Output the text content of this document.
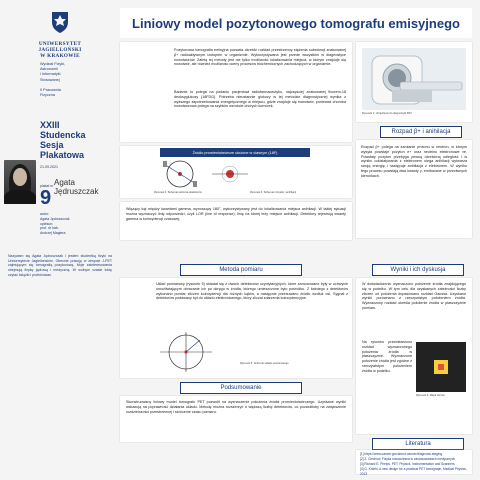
UNIWERSYTET
JAGIELLOŃSKI
W KRAKOWIE
Wydział Fizyki,
Astronomii
i Informatyki
Stosowanej
II Pracownia
Fizyczna
XXIII
Studencka
Sesja
Plakatowa
21.09.2021
Agata
Jędruszczak
plakat nr
9
autor:
Agata Jędruszczak
opiekun:
prof. dr hab.
Andrzej Magiera
Nazywam się Agata Jędruszczak i jestem studentką fizyki na Uniwersytecie Jagiellońskim. Obecnie pracuję w zespole J-PET zajmującym się tomografią pozytonową. Moje zainteresowania obejmują fizykę jądrową i medyczną. W wolnym czasie lubię czytać książki i podróżować.
Liniowy model pozytonowego tomografu emisyjnego
Pozytonowa tomografia emisyjna pozwala określić rozkład przestrzenny stężenia substancji znakowanej β+ radioaktywnym izotopem w organizmie. Wykorzystywana jest przede wszystkim w diagnostyce nowotworów. Zaletą tej metody jest nie tylko możliwość lokalizowania miejsca, w którym znajduje się nowotwór, ale również możliwość oceny procesów biochemicznych zachodzących w organizmie.
Badanie to polega na podaniu pacjentowi radiofarmaceutyku, najczęściej znakowanej fluorem-18 deoksyglukozy (18FDG). Potrzeba nieustannie glukozy w tej metodzie diagnostycznej wynika z wyższego zapotrzebowania energetycznego w miejscu, gdzie znajduje się nowotwór, ponieważ choroba nowotworowa polega na szybkim wzroście chorych komórek.
Rysunek 1: Urządzenie do diagnostyki PET
Rozpad β+ i anihilacja
Rozpad β+ polega na zamianie protonu w neutron, w którym wysyła powstaje pozyton e+ oraz neutrino elektronowe νe. Powstały pozyton przebyga pewną określoną odległość i w wyniku oddziaływania z elektronem ulega anihilacji wytwarza swoją energię i następuje anihilacja z elektronem. W wyniku tego procesu powstają dwa kwanty γ, emitowane w przeciwnych kierunkach.
Źródło promieniotwórcze ułożone w ciasnym (18F)
Rysunek 2: Schemat ułożenia detektorów	Rysunek 3: Schemat rozpadu i anihilacji
Wiązący kąt między kwantami gamma, wynoszący 180°, wykorzystywany jest do lokalizowania miejsca anihilacji. W takiej sytuacji można wyznaczyć linię odpowiedzi, czyli LOR (line of response), linię na której leży miejsce anihilacji. Detektory rejestrują kwanty gamma w koincydencji czasowej.
Metoda pomiaru
Układ pomiarowy (rysunek 5) składał się z dwóch detektorów scyntylacyjnych, które zamocowane były w uchwycie umożliwiającym obracanie ich po okręgu w źródła, którego umieszczone było pośrodku. Z każdego z detektorów wykonano pomiar zliczeń koincydencji dla różnych kątów, a następnie przesuwano źródło wzdłuż osi. Sygnał z detektorów podawany był do układu elektronicznego, który zliczał zdarzenia koincydencyjne.
Rysunek 5: Schemat układu pomiarowego
Wyniki i ich dyskusja
W doświadczeniu wyznaczono położenie źródła znajdującego się w pudełku. W tym celu dla uzyskanych zależności liczby zliczeń od położenia dopasowano rozkład Gaussa. Uzyskane wyniki porównano z rzeczywistym położeniem źródła. Wyznaczony rozkład określa położenie źródła w płaszczyźnie pomiaru.
Na rysunku przedstawiono rozkład wyznaczonego położenia źródła w płaszczyźnie. Wyznaczone położenie źródła jest zgodne z rzeczywistym położeniem źródła w pudełku.
Rysunek 6: Mapa zliczeń
Podsumowanie
Skonstruowany liniowy model tomografu PET pozwolił na wyznaczenie położenia źródła promieniotwórczego. Uzyskane wyniki wskazują na poprawność działania układu. Metodę można rozszerzyć o większą liczbę detektorów, co pozwoliłoby na zwiększenie rozdzielczości przestrzennej i skrócenie czasu pomiaru.
Literatura
[1] https://www.cancer.gov/about-cancer/diagnosis-staging
[2] Z. Ciechow, Fizyka nowoczesna w zastosowaniach medycznych
[3] Richard E. Phelps, PET: Physics, Instrumentation and Scanners
[4] G. Kniehl, A new design for a practical PET tomograph, Medical Physics, 2013
